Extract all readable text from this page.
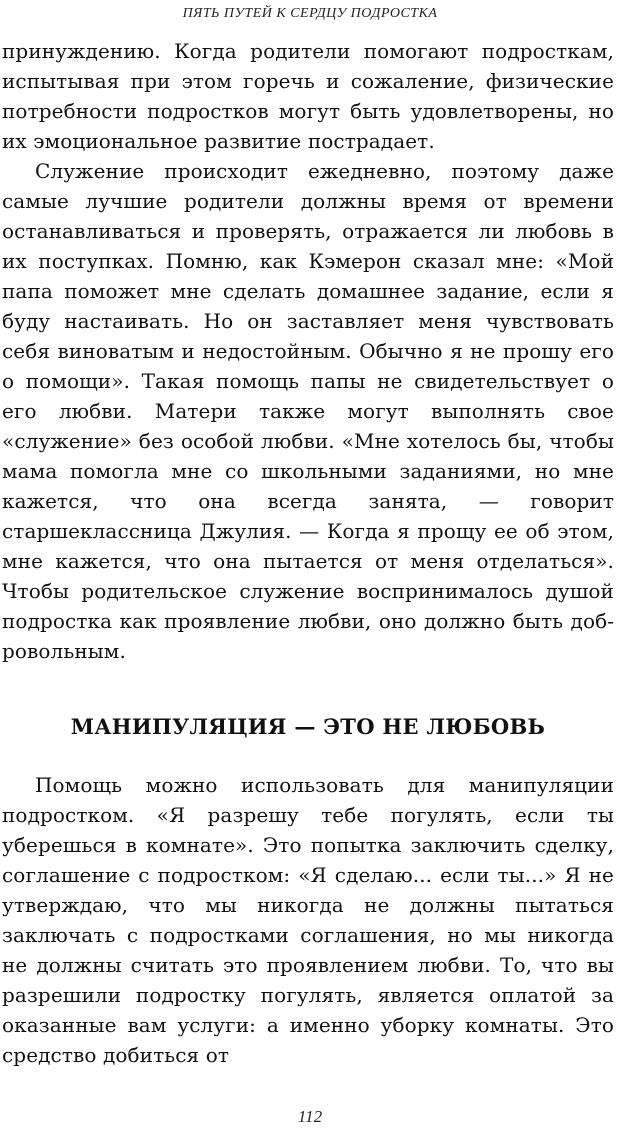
ПЯТЬ ПУТЕЙ К СЕРДЦУ ПОДРОСТКА

принуждению. Когда родители помогают подросткам, испытывая при этом горечь и сожаление, физические потребности подростков могут быть удовлетворены, но их эмоциональное развитие пострадает.

Служение происходит ежедневно, поэтому даже самые лучшие родители должны время от времени останавливаться и проверять, отражается ли любовь в их поступках. Помню, как Кэмерон сказал мне: «Мой папа поможет мне сделать домашнее задание, если я буду настаивать. Но он заставляет меня чувствовать себя виноватым и недостойным. Обычно я не прошу его о помощи». Такая помощь папы не свидетельствует о его любви. Матери также могут выполнять свое «служение» без особой любви. «Мне хотелось бы, чтобы мама помогла мне со школьными заданиями, но мне кажется, что она всегда занята, — говорит старшеклассница Джулия. — Когда я прощу ее об этом, мне кажется, что она пытается от меня отделаться». Чтобы родительское служение воспринималось душой подростка как проявление любви, оно должно быть добровольным.

МАНИПУЛЯЦИЯ — ЭТО НЕ ЛЮБОВЬ

Помощь можно использовать для манипуляции подростком. «Я разрешу тебе погулять, если ты уберешься в комнате». Это попытка заключить сделку, соглашение с подростком: «Я сделаю... если ты...» Я не утверждаю, что мы никогда не должны пытаться заключать с подростками соглашения, но мы никогда не должны считать это проявлением любви. То, что вы разрешили подростку погулять, является оплатой за оказанные вам услуги: а именно уборку комнаты. Это средство добиться от

112
